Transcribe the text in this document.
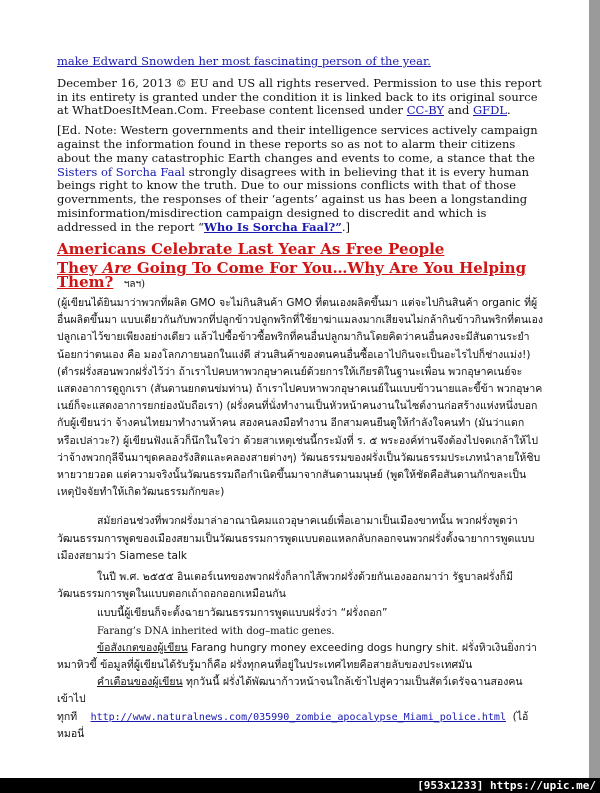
make Edward Snowden her most fascinating person of the year.

December 16, 2013 © EU and US all rights reserved. Permission to use this report in its entirety is granted under the condition it is linked back to its original source at WhatDoesItMean.Com. Freebase content licensed under CC-BY and GFDL.

[Ed. Note: Western governments and their intelligence services actively campaign against the information found in these reports so as not to alarm their citizens about the many catastrophic Earth changes and events to come, a stance that the Sisters of Sorcha Faal strongly disagrees with in believing that it is every human beings right to know the truth. Due to our missions conflicts with that of those governments, the responses of their ‘agents’ against us has been a longstanding misinformation/misdirection campaign designed to discredit and which is addressed in the report “Who Is Sorcha Faal?”.]

Americans Celebrate Last Year As Free People

They Are Going To Come For You…Why Are You Helping Them? ฯลฯ)

(ผู้เขียนได้ยินมาว่าพวกที่ผลิต GMO จะไม่กินสินค้า GMO ที่ตนเองผลิตขึ้นมา แต่จะไปกินสินค้า organic ที่ผู้อื่นผลิตขึ้นมา แบบเดียวกันกับพวกที่ปลูกข้าวปลูกพริกที่ใช้ยาฆ่าแมลงมากเสียจนไม่กล้ากินข้าวกินพริกที่ตนเองปลูกเอาไว้ขายเพียงอย่างเดียว แล้วไปซื้อข้าวซื้อพริกที่คนอื่นปลูกมากินโดยคิดว่าคนอื่นคงจะมีสันดานระยำน้อยกว่าตนเอง คือ มองโลกภายนอกในแง่ดี ส่วนสินค้าของตนคนอื่นซื้อเอาไปกินจะเป็นอะไรไปก็ช่างแม่ง!) (ตำรฝรั่งสอนพวกฝรั่งไว้ว่า ถ้าเราไปคบหาพวกอุษาคเนย์ด้วยการให้เกียรติในฐานะเพื่อน พวกอุษาคเนย์จะแสดงอาการดูถูกเรา (สันดานยกตนข่มท่าน) ถ้าเราไปคบหาพวกอุษาคเนย์ในแบบข้าวนายและขี้ข้า พวกอุษาคเนย์ก็จะแสดงอาการยกย่องนับถือเรา) (ฝรั่งคนที่นั่งทำงานเป็นหัวหน้าคนงานในไซต์งานก่อสร้างแห่งหนึ่งบอกกับผู้เขียนว่า จ้างคนไทยมาทำงานห้าคน สองคนลงมือทำงาน อีกสามคนยืนดูให้กำลังใจคนทำ (มันว่าแดกหรือเปล่าวะ?) ผู้เขียนฟังแล้วก็นึกในใจว่า ด้วยสาเหตุเช่นนี้กระมังที่ ร. ๕ พระองค์ท่านจึงต้องไปจดเกล้าให้ไปว่าจ้างพวกกุลีจีนมาขุดคลองรังสิตและคลองสายต่างๆ) วัฒนธรรมของฝรั่งเป็นวัฒนธรรมประเภทนำลายให้ชิบหายวายวอด แต่ความจริงนั้นวัฒนธรรมถือกำเนิดขึ้นมาจากสันดานมนุษย์ (พูดให้ชัดคือสันดานกักขละเป็นเหตุปัจจัยทำให้เกิดวัฒนธรรมกักขละ)

สมัยก่อนช่วงที่พวกฝรั่งมาล่าอาณานิคมแถวอุษาคเนย์เพื่อเอามาเป็นเมืองขาทนั้น พวกฝรั่งพูดว่าวัฒนธรรมการพูดของเมืองสยามเป็นวัฒนธรรมการพูดแบบตอแหลกลับกลอกจนพวกฝรั่งตั้งฉายาการพูดแบบเมืองสยามว่า Siamese talk

ในปี พ.ศ. ๒๕๕๕ อินเตอร์เนทของพวกฝรั่งก็ลากไส้พวกฝรั่งด้วยกันเองออกมาว่า รัฐบาลฝรั่งก็มีวัฒนธรรมการพูดในแบบตอกเถ้าถอกออกเหมือนกัน

แบบนี้ผู้เขียนก็จะตั้งฉายาวัฒนธรรมการพูดแบบฝรั่งว่า “ฝรั่งถอก”

Farang’s DNA inherited with dog–matic genes.

ข้อสังเกตของผู้เขียน Farang hungry money exceeding dogs hungry shit. ฝรั่งหิวเงินยิ่งกว่าหมาหิวขี้ ข้อมูลที่ผู้เขียนได้รับรู้มาก็คือ ฝรั่งทุกคนที่อยู่ในประเทศไทยคือสายลับของประเทศมัน

คำเตือนของผู้เขียน ทุกวันนี้ ฝรั่งได้พัฒนาก้าวหน้าจนใกล้เข้าไปสู่ความเป็นสัตว์เดรัจฉานสองคนเข้าไปทุกที http://www.naturalnews.com/035990_zombie_apocalypse_Miami_police.html (ไอ้หมอนี่

[953x1233] https://upic.me/
